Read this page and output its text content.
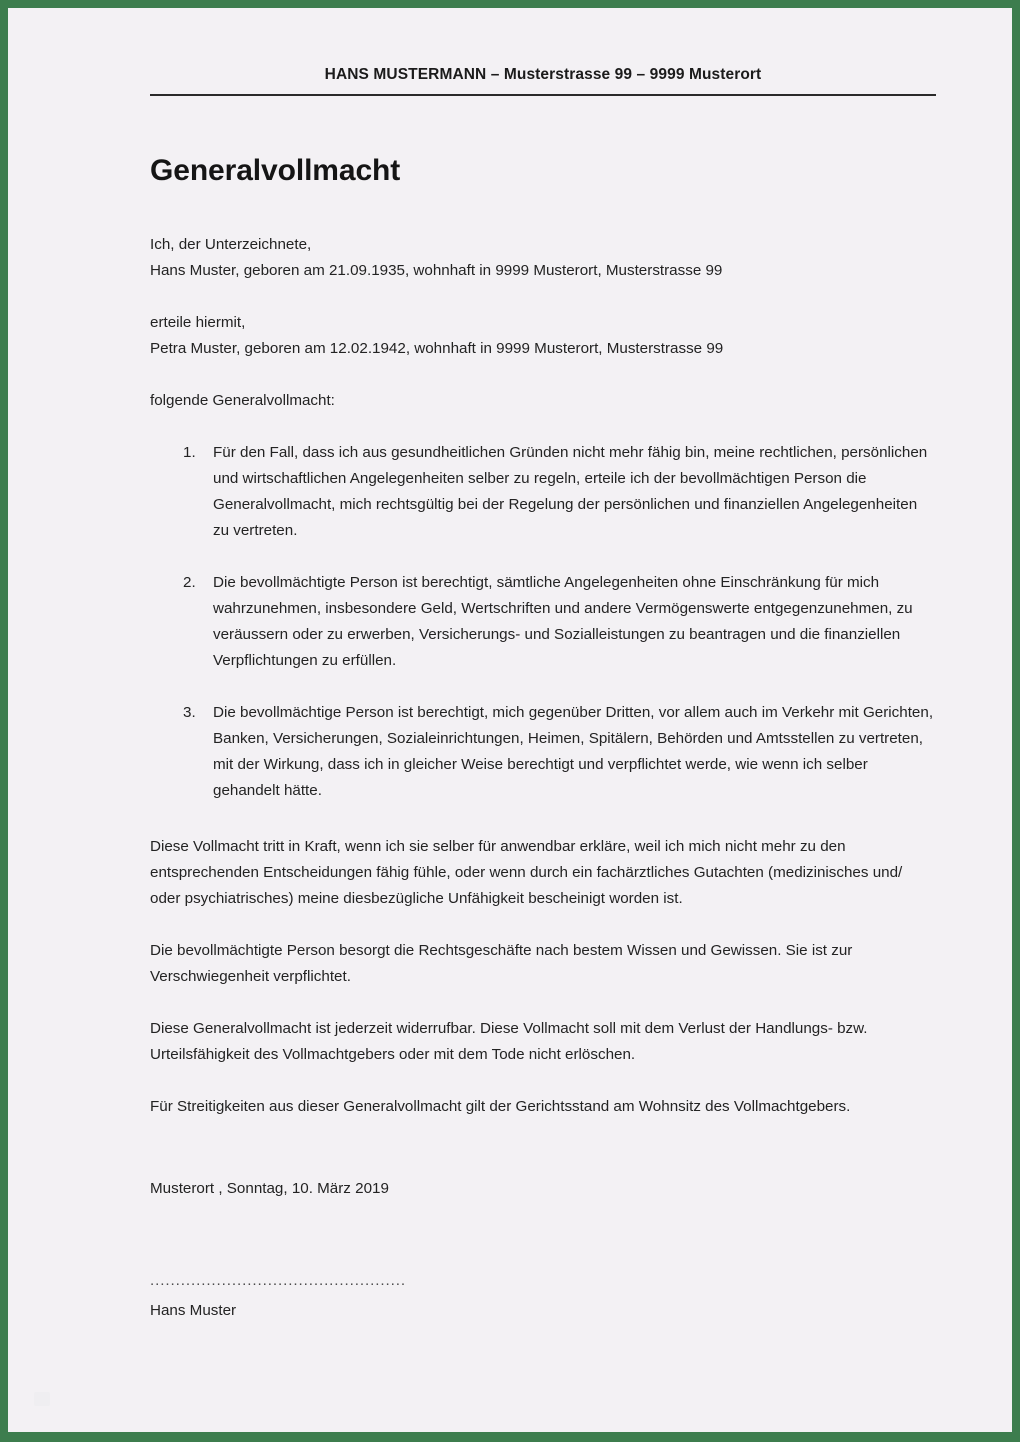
HANS MUSTERMANN – Musterstrasse 99 – 9999 Musterort
Generalvollmacht

Ich, der Unterzeichnete,
Hans Muster, geboren am 21.09.1935, wohnhaft in 9999 Musterort, Musterstrasse 99

erteile hiermit,
Petra Muster, geboren am 12.02.1942, wohnhaft in 9999 Musterort, Musterstrasse 99

folgende Generalvollmacht:

1.	Für den Fall, dass ich aus gesundheitlichen Gründen nicht mehr fähig bin, meine rechtlichen, persönlichen und wirtschaftlichen Angelegenheiten selber zu regeln, erteile ich der bevollmächtigen Person die Generalvollmacht, mich rechtsgültig bei der Regelung der persönlichen und finanziellen Angelegenheiten zu vertreten.
2.	Die bevollmächtigte Person ist berechtigt, sämtliche Angelegenheiten ohne Einschränkung für mich wahrzunehmen, insbesondere Geld, Wertschriften und andere Vermögenswerte entgegenzunehmen, zu veräussern oder zu erwerben, Versicherungs- und Sozialleistungen zu beantragen und die finanziellen Verpflichtungen zu erfüllen.
3.	Die bevollmächtige Person ist berechtigt, mich gegenüber Dritten, vor allem auch im Verkehr mit Gerichten, Banken, Versicherungen, Sozialeinrichtungen, Heimen, Spitälern, Behörden und Amtsstellen zu vertreten, mit der Wirkung, dass ich in gleicher Weise berechtigt und verpflichtet werde, wie wenn ich selber gehandelt hätte.

Diese Vollmacht tritt in Kraft, wenn ich sie selber für anwendbar erkläre, weil ich mich nicht mehr zu den entsprechenden Entscheidungen fähig fühle, oder wenn durch ein fachärztliches Gutachten (medizinisches und/ oder psychiatrisches) meine diesbezügliche Unfähigkeit bescheinigt worden ist.

Die bevollmächtigte Person besorgt die Rechtsgeschäfte nach bestem Wissen und Gewissen. Sie ist zur Verschwiegenheit verpflichtet.

Diese Generalvollmacht ist jederzeit widerrufbar. Diese Vollmacht soll mit dem Verlust der Handlungs- bzw. Urteilsfähigkeit des Vollmachtgebers oder mit dem Tode nicht erlöschen.

Für Streitigkeiten aus dieser Generalvollmacht gilt der Gerichtsstand am Wohnsitz des Vollmachtgebers.

Musterort , Sonntag, 10. März 2019
..................................................
Hans Muster
